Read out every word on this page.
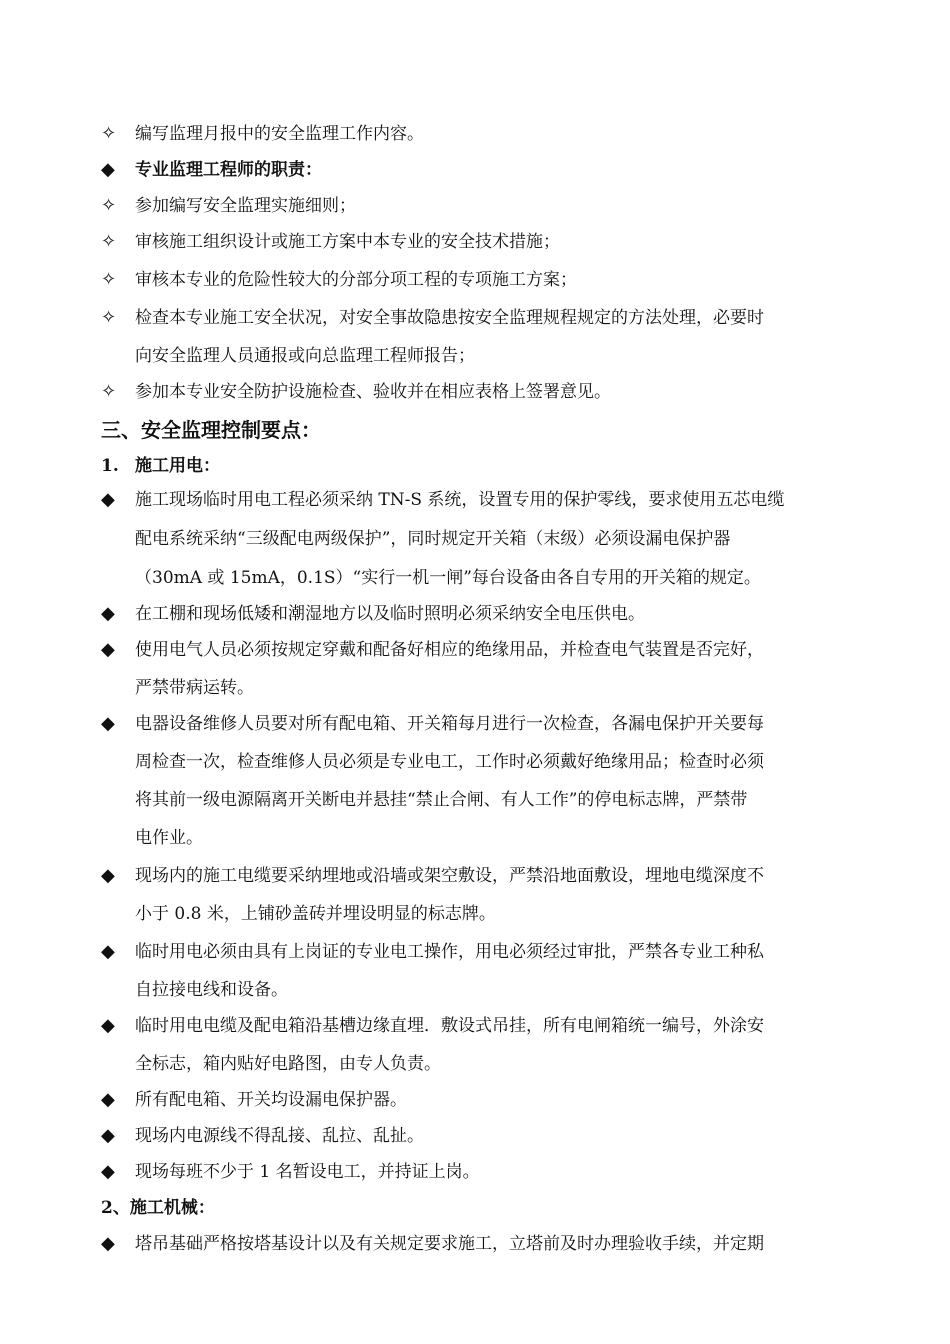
✧	编写监理月报中的安全监理工作内容。
◆	专业监理工程师的职责：
✧	参加编写安全监理实施细则；
✧	审核施工组织设计或施工方案中本专业的安全技术措施；
✧	审核本专业的危险性较大的分部分项工程的专项施工方案；
✧	检查本专业施工安全状况，对安全事故隐患按安全监理规程规定的方法处理，必要时
向安全监理人员通报或向总监理工程师报告；
✧	参加本专业安全防护设施检查、验收并在相应表格上签署意见。
三、安全监理控制要点：
1. 施工用电：
◆	施工现场临时用电工程必须采纳 TN-S 系统，设置专用的保护零线，要求使用五芯电缆
配电系统采纳“三级配电两级保护”，同时规定开关箱（末级）必须设漏电保护器
（30mA 或 15mA，0.1S）“实行一机一闸”每台设备由各自专用的开关箱的规定。
◆	在工棚和现场低矮和潮湿地方以及临时照明必须采纳安全电压供电。
◆	使用电气人员必须按规定穿戴和配备好相应的绝缘用品，并检查电气装置是否完好，
严禁带病运转。
◆	电器设备维修人员要对所有配电箱、开关箱每月进行一次检查，各漏电保护开关要每
周检查一次，检查维修人员必须是专业电工，工作时必须戴好绝缘用品；检查时必须
将其前一级电源隔离开关断电并悬挂“禁止合闸、有人工作”的停电标志牌，严禁带
电作业。
◆	现场内的施工电缆要采纳埋地或沿墙或架空敷设，严禁沿地面敷设，埋地电缆深度不
小于 0.8 米，上铺砂盖砖并埋设明显的标志牌。
◆	临时用电必须由具有上岗证的专业电工操作，用电必须经过审批，严禁各专业工种私
自拉接电线和设备。
◆	临时用电电缆及配电箱沿基槽边缘直埋．敷设式吊挂，所有电闸箱统一编号，外涂安
全标志，箱内贴好电路图，由专人负责。
◆	所有配电箱、开关均设漏电保护器。
◆	现场内电源线不得乱接、乱拉、乱扯。
◆	现场每班不少于 1 名暂设电工，并持证上岗。
2、施工机械：
◆	塔吊基础严格按塔基设计以及有关规定要求施工，立塔前及时办理验收手续，并定期
